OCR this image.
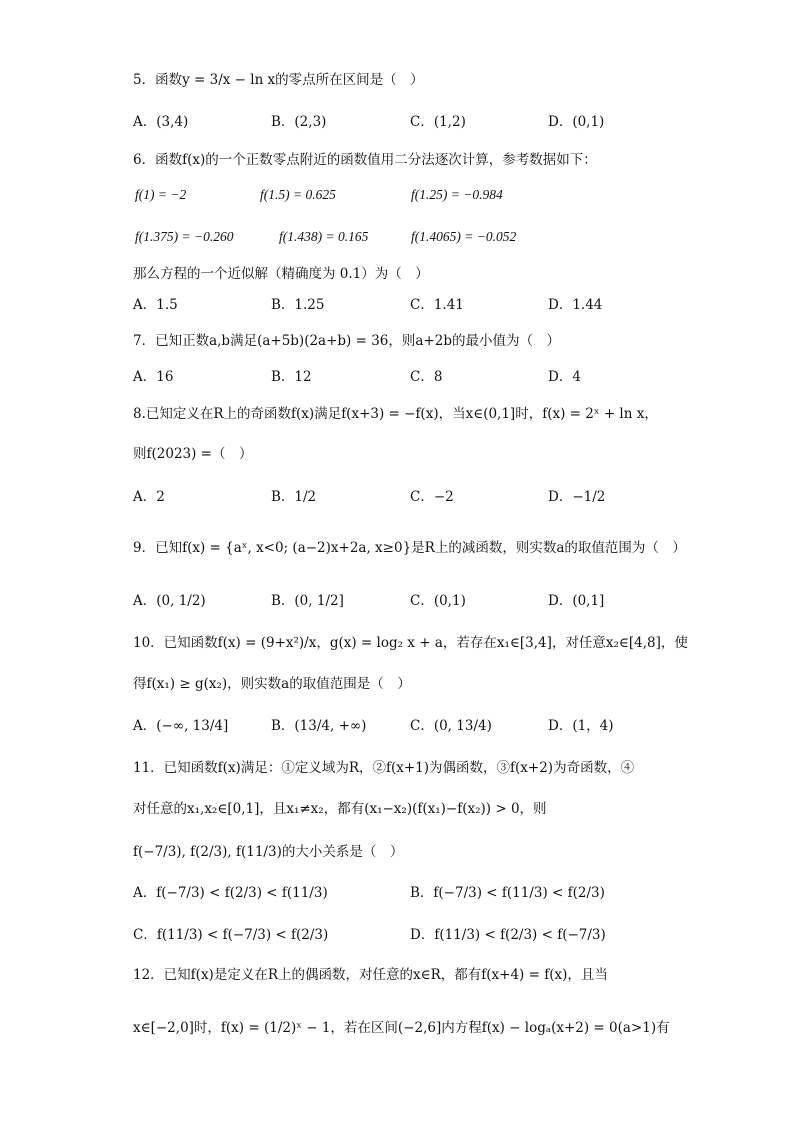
5．函数y = 3/x − ln x的零点所在区间是（　）
A．(3,4)	B．(2,3)	C．(1,2)	D．(0,1)
6．函数f(x)的一个正数零点附近的函数值用二分法逐次计算，参考数据如下：
f(1) = −2	f(1.5) = 0.625	f(1.25) = −0.984
f(1.375) = −0.260	f(1.438) = 0.165	f(1.4065) = −0.052
那么方程的一个近似解（精确度为 0.1）为（　）
A．1.5	B．1.25	C．1.41	D．1.44
7．已知正数a,b满足(a+5b)(2a+b) = 36，则a+2b的最小值为（　）
A．16	B．12	C．8	D．4
8.已知定义在R上的奇函数f(x)满足f(x+3) = −f(x)，当x∈(0,1]时，f(x) = 2ˣ + ln x，
则f(2023) =（　）
A．2	B．1/2	C．−2	D．−1/2
9．已知f(x) = {aˣ, x<0; (a−2)x+2a, x≥0}是R上的减函数，则实数a的取值范围为（　）
A．(0, 1/2)	B．(0, 1/2]	C．(0,1)	D．(0,1]
10．已知函数f(x) = (9+x²)/x，g(x) = log₂ x + a，若存在x₁∈[3,4]，对任意x₂∈[4,8]，使
得f(x₁) ≥ g(x₂)，则实数a的取值范围是（　）
A．(−∞, 13/4]	B．(13/4, +∞)	C．(0, 13/4)	D．(1，4)
11．已知函数f(x)满足：①定义域为R，②f(x+1)为偶函数，③f(x+2)为奇函数，④
对任意的x₁,x₂∈[0,1]，且x₁≠x₂，都有(x₁−x₂)(f(x₁)−f(x₂)) > 0，则
f(−7/3), f(2/3), f(11/3)的大小关系是（　）
A．f(−7/3) < f(2/3) < f(11/3)	B．f(−7/3) < f(11/3) < f(2/3)
C．f(11/3) < f(−7/3) < f(2/3)	D．f(11/3) < f(2/3) < f(−7/3)
12．已知f(x)是定义在R上的偶函数，对任意的x∈R，都有f(x+4) = f(x)，且当
x∈[−2,0]时，f(x) = (1/2)ˣ − 1，若在区间(−2,6]内方程f(x) − logₐ(x+2) = 0(a>1)有
